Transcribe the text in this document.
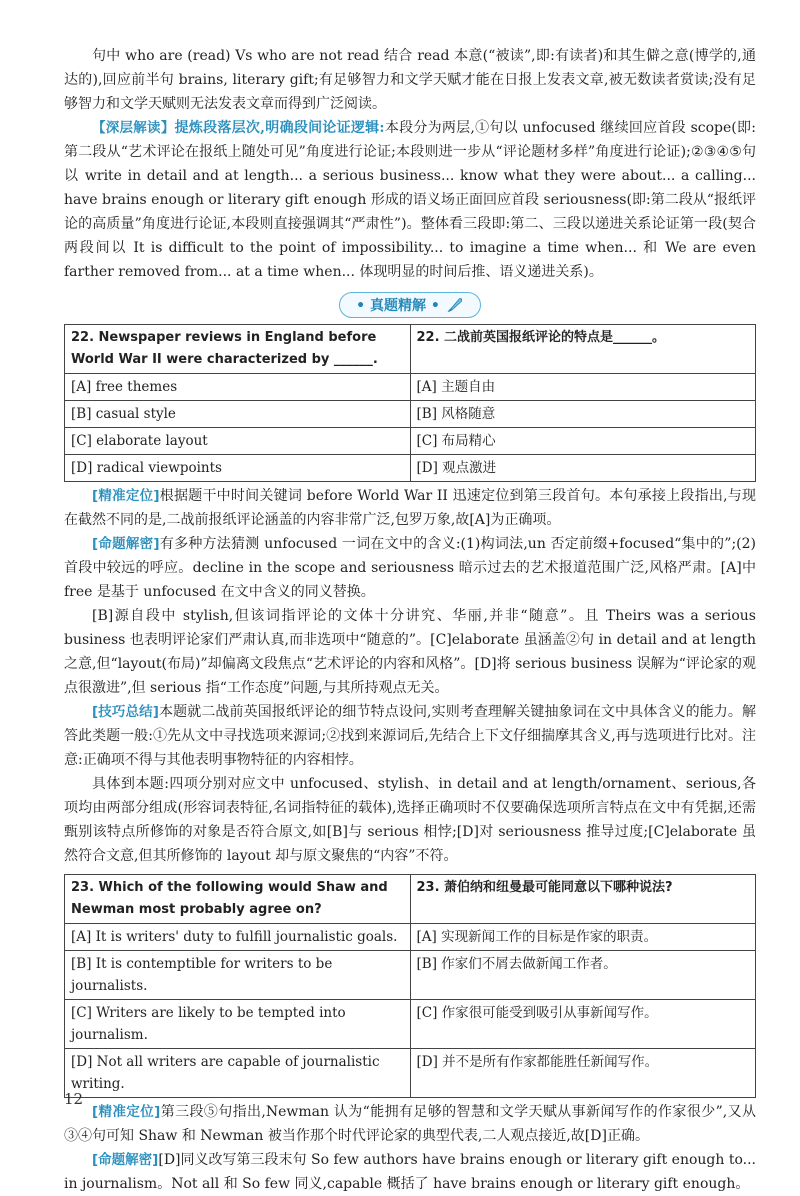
句中 who are (read) Vs who are not read 结合 read 本意(“被读”,即:有读者)和其生僻之意(博学的,通达的),回应前半句 brains, literary gift;有足够智力和文学天赋才能在日报上发表文章,被无数读者赏读;没有足够智力和文学天赋则无法发表文章而得到广泛阅读。

【深层解读】提炼段落层次,明确段间论证逻辑:本段分为两层,①句以 unfocused 继续回应首段 scope(即:第二段从“艺术评论在报纸上随处可见”角度进行论证;本段则进一步从“评论题材多样”角度进行论证);②③④⑤句以 write in detail and at length... a serious business... know what they were about... a calling... have brains enough or literary gift enough 形成的语义场正面回应首段 seriousness(即:第二段从“报纸评论的高质量”角度进行论证,本段则直接强调其“严肃性”)。整体看三段即:第二、三段以递进关系论证第一段(契合两段间以 It is difficult to the point of impossibility... to imagine a time when... 和 We are even farther removed from... at a time when... 体现明显的时间后推、语义递进关系)。

• 真题精解 •
22. Newspaper reviews in England before World War II were characterized by ______.	22. 二战前英国报纸评论的特点是______。
[A] free themes	[A] 主题自由
[B] casual style	[B] 风格随意
[C] elaborate layout	[C] 布局精心
[D] radical viewpoints	[D] 观点激进

[精准定位]根据题干中时间关键词 before World War II 迅速定位到第三段首句。本句承接上段指出,与现在截然不同的是,二战前报纸评论涵盖的内容非常广泛,包罗万象,故[A]为正确项。

[命题解密]有多种方法猜测 unfocused 一词在文中的含义:(1)构词法,un 否定前缀+focused“集中的”;(2)首段中较远的呼应。decline in the scope and seriousness 暗示过去的艺术报道范围广泛,风格严肃。[A]中 free 是基于 unfocused 在文中含义的同义替换。

[B]源自段中 stylish,但该词指评论的文体十分讲究、华丽,并非“随意”。且 Theirs was a serious business 也表明评论家们严肃认真,而非选项中“随意的”。[C]elaborate 虽涵盖②句 in detail and at length 之意,但“layout(布局)”却偏离文段焦点“艺术评论的内容和风格”。[D]将 serious business 误解为“评论家的观点很激进”,但 serious 指“工作态度”问题,与其所持观点无关。

[技巧总结]本题就二战前英国报纸评论的细节特点设问,实则考查理解关键抽象词在文中具体含义的能力。解答此类题一般:①先从文中寻找选项来源词;②找到来源词后,先结合上下文仔细揣摩其含义,再与选项进行比对。注意:正确项不得与其他表明事物特征的内容相悖。

具体到本题:四项分别对应文中 unfocused、stylish、in detail and at length/ornament、serious,各项均由两部分组成(形容词表特征,名词指特征的载体),选择正确项时不仅要确保选项所言特点在文中有凭据,还需甄别该特点所修饰的对象是否符合原文,如[B]与 serious 相悖;[D]对 seriousness 推导过度;[C]elaborate 虽然符合文意,但其所修饰的 layout 却与原文聚焦的“内容”不符。

23. Which of the following would Shaw and Newman most probably agree on?	23. 萧伯纳和纽曼最可能同意以下哪种说法?
[A] It is writers' duty to fulfill journalistic goals.	[A] 实现新闻工作的目标是作家的职责。
[B] It is contemptible for writers to be journalists.	[B] 作家们不屑去做新闻工作者。
[C] Writers are likely to be tempted into journalism.	[C] 作家很可能受到吸引从事新闻写作。
[D] Not all writers are capable of journalistic writing.	[D] 并不是所有作家都能胜任新闻写作。

[精准定位]第三段⑤句指出,Newman 认为“能拥有足够的智慧和文学天赋从事新闻写作的作家很少”,又从③④句可知 Shaw 和 Newman 被当作那个时代评论家的典型代表,二人观点接近,故[D]正确。

[命题解密][D]同义改写第三段末句 So few authors have brains enough or literary gift enough to... in journalism。Not all 和 So few 同义,capable 概括了 have brains enough or literary gift enough。

12
